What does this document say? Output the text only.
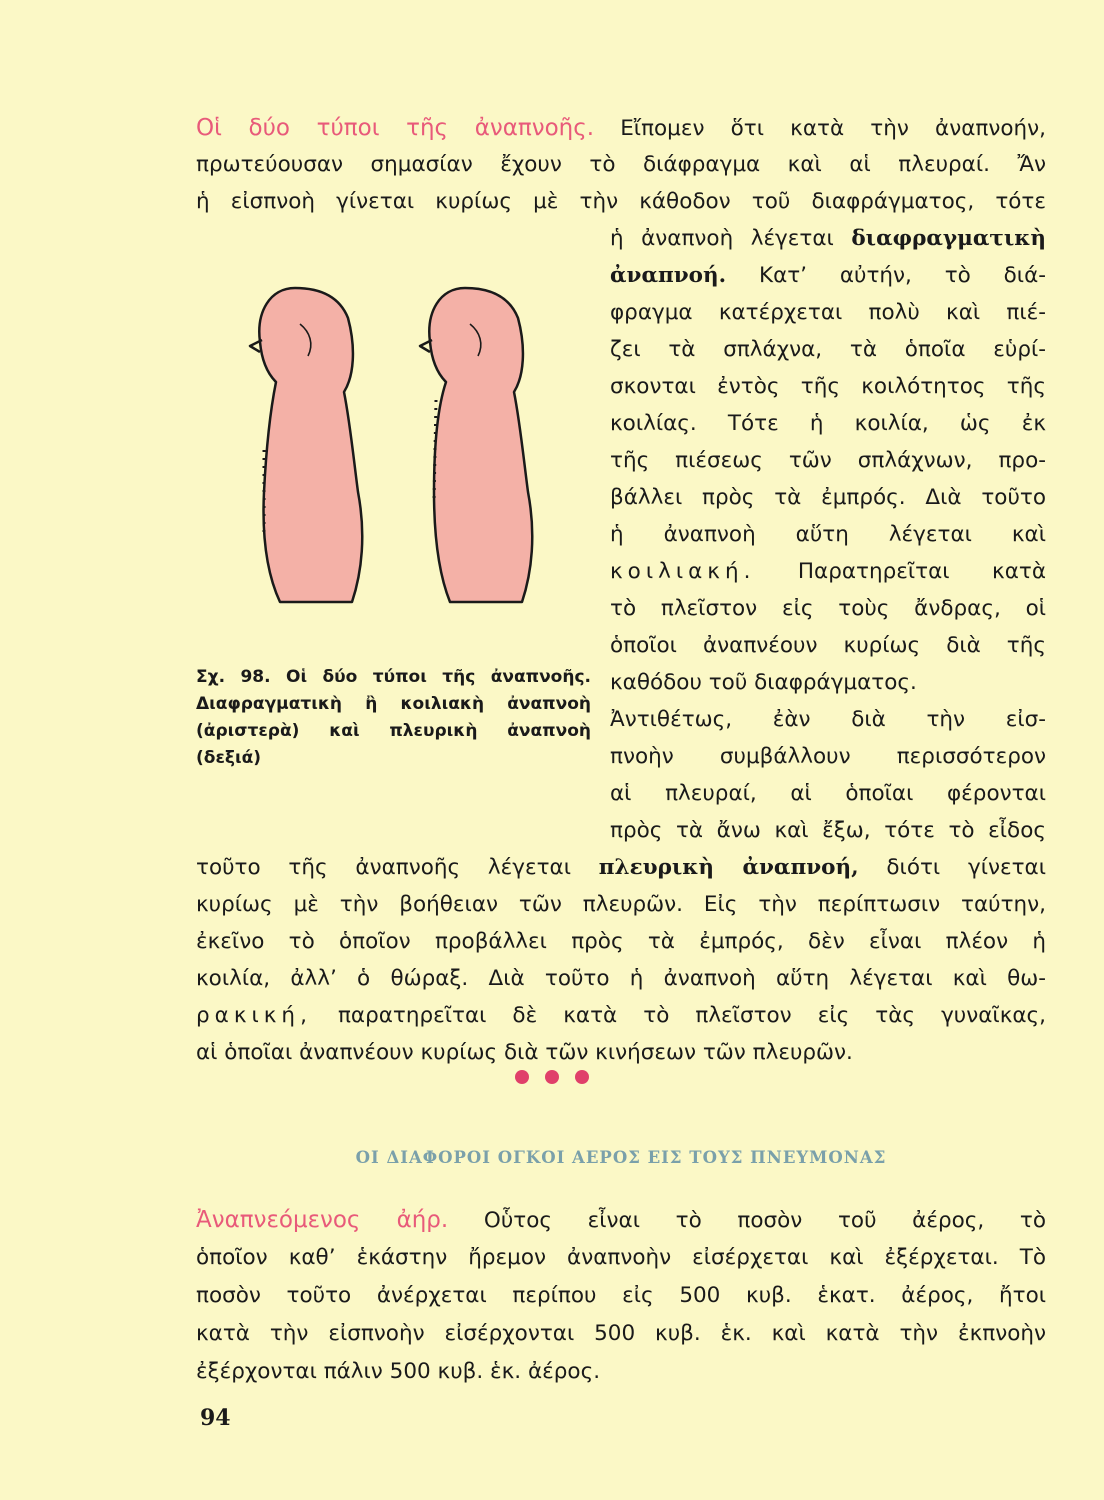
Οἱ δύο τύποι τῆς ἀναπνοῆς. Εἴπομεν ὅτι κατὰ τὴν ἀναπνοήν,
πρωτεύουσαν σημασίαν ἔχουν τὸ διάφραγμα καὶ αἱ πλευραί. Ἄν
ἡ εἰσπνοὴ γίνεται κυρίως μὲ τὴν κάθοδον τοῦ διαφράγματος, τότε
ἡ ἀναπνοὴ λέγεται διαφραγματικὴ
ἀναπνοή. Κατ’ αὐτήν, τὸ διά-
φραγμα κατέρχεται πολὺ καὶ πιέ-
ζει τὰ σπλάχνα, τὰ ὁποῖα εὑρί-
σκονται ἐντὸς τῆς κοιλότητος τῆς
κοιλίας. Τότε ἡ κοιλία, ὡς ἐκ
τῆς πιέσεως τῶν σπλάχνων, προ-
βάλλει πρὸς τὰ ἐμπρός. Διὰ τοῦτο
ἡ ἀναπνοὴ αὕτη λέγεται καὶ
κοιλιακή. Παρατηρεῖται κατὰ
τὸ πλεῖστον εἰς τοὺς ἄνδρας, οἱ
ὁποῖοι ἀναπνέουν κυρίως διὰ τῆς
καθόδου τοῦ διαφράγματος.
Ἀντιθέτως, ἐὰν διὰ τὴν εἰσ-
πνοὴν συμβάλλουν περισσότερον
αἱ πλευραί, αἱ ὁποῖαι φέρονται
πρὸς τὰ ἄνω καὶ ἔξω, τότε τὸ εἶδος
τοῦτο τῆς ἀναπνοῆς λέγεται πλευρικὴ ἀναπνοή, διότι γίνεται
κυρίως μὲ τὴν βοήθειαν τῶν πλευρῶν. Εἰς τὴν περίπτωσιν ταύτην,
ἐκεῖνο τὸ ὁποῖον προβάλλει πρὸς τὰ ἐμπρός, δὲν εἶναι πλέον ἡ
κοιλία, ἀλλ’ ὁ θώραξ. Διὰ τοῦτο ἡ ἀναπνοὴ αὕτη λέγεται καὶ θω-
ρακική, παρατηρεῖται δὲ κατὰ τὸ πλεῖστον εἰς τὰς γυναῖκας,
αἱ ὁποῖαι ἀναπνέουν κυρίως διὰ τῶν κινήσεων τῶν πλευρῶν.
Σχ. 98. Οἱ δύο τύποι τῆς ἀναπνοῆς.
Διαφραγματικὴ ἢ κοιλιακὴ ἀναπνοὴ
(ἀριστερὰ) καὶ πλευρικὴ ἀναπνοὴ
(δεξιά)
ΟΙ ΔΙΑΦΟΡΟΙ ΟΓΚΟΙ ΑΕΡΟΣ ΕΙΣ ΤΟΥΣ ΠΝΕΥΜΟΝΑΣ
Ἀναπνεόμενος ἀήρ. Οὗτος εἶναι τὸ ποσὸν τοῦ ἀέρος, τὸ
ὁποῖον καθ’ ἑκάστην ἤρεμον ἀναπνοὴν εἰσέρχεται καὶ ἐξέρχεται. Τὸ
ποσὸν τοῦτο ἀνέρχεται περίπου εἰς 500 κυβ. ἑκατ. ἀέρος, ἤτοι
κατὰ τὴν εἰσπνοὴν εἰσέρχονται 500 κυβ. ἑκ. καὶ κατὰ τὴν ἐκπνοὴν
ἐξέρχονται πάλιν 500 κυβ. ἑκ. ἀέρος.
94
